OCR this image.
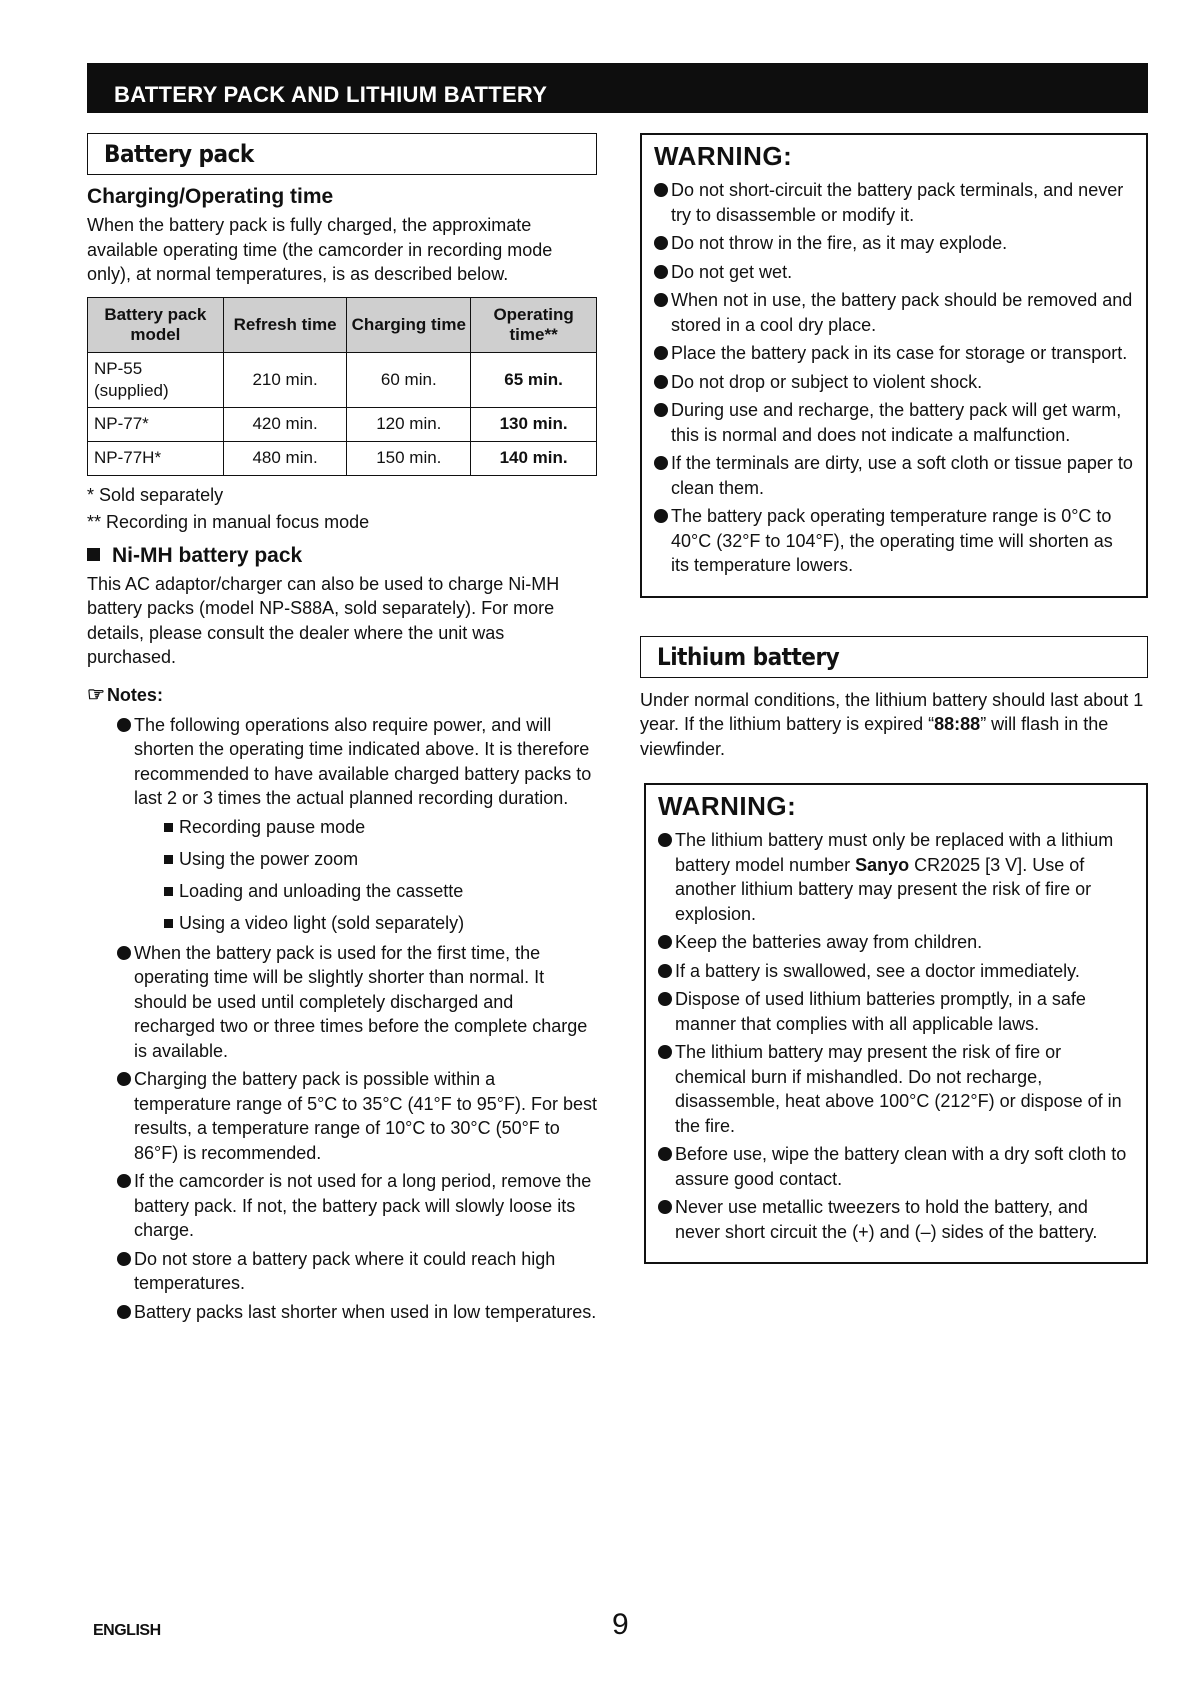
BATTERY PACK AND LITHIUM BATTERY
Battery pack
Charging/Operating time

When the battery pack is fully charged, the approximate available operating time (the camcorder in recording mode only), at normal temperatures, is as described below.

Battery pack model	Refresh time	Charging time	Operating time**
NP-55 (supplied)	210 min.	60 min.	65 min.
NP-77*	420 min.	120 min.	130 min.
NP-77H*	480 min.	150 min.	140 min.
* Sold separately
** Recording in manual focus mode
Ni-MH battery pack

This AC adaptor/charger can also be used to charge Ni-MH battery packs (model NP-S88A, sold separately). For more details, please consult the dealer where the unit was purchased.

☞ Notes:
The following operations also require power, and will shorten the operating time indicated above. It is therefore recommended to have available charged battery packs to last 2 or 3 times the actual planned recording duration.
Recording pause mode
Using the power zoom
Loading and unloading the cassette
Using a video light (sold separately)
When the battery pack is used for the first time, the operating time will be slightly shorter than normal. It should be used until completely discharged and recharged two or three times before the complete charge is available.
Charging the battery pack is possible within a temperature range of 5°C to 35°C (41°F to 95°F). For best results, a temperature range of 10°C to 30°C (50°F to 86°F) is recommended.
If the camcorder is not used for a long period, remove the battery pack. If not, the battery pack will slowly loose its charge.
Do not store a battery pack where it could reach high temperatures.
Battery packs last shorter when used in low temperatures.
WARNING:
Do not short-circuit the battery pack terminals, and never try to disassemble or modify it.
Do not throw in the fire, as it may explode.
Do not get wet.
When not in use, the battery pack should be removed and stored in a cool dry place.
Place the battery pack in its case for storage or transport.
Do not drop or subject to violent shock.
During use and recharge, the battery pack will get warm, this is normal and does not indicate a malfunction.
If the terminals are dirty, use a soft cloth or tissue paper to clean them.
The battery pack operating temperature range is 0°C to 40°C (32°F to 104°F), the operating time will shorten as its temperature lowers.
Lithium battery

Under normal conditions, the lithium battery should last about 1 year. If the lithium battery is expired “88:88” will flash in the viewfinder.

WARNING:
The lithium battery must only be replaced with a lithium battery model number Sanyo CR2025 [3 V]. Use of another lithium battery may present the risk of fire or explosion.
Keep the batteries away from children.
If a battery is swallowed, see a doctor immediately.
Dispose of used lithium batteries promptly, in a safe manner that complies with all applicable laws.
The lithium battery may present the risk of fire or chemical burn if mishandled. Do not recharge, disassemble, heat above 100°C (212°F) or dispose of in the fire.
Before use, wipe the battery clean with a dry soft cloth to assure good contact.
Never use metallic tweezers to hold the battery, and never short circuit the (+) and (–) sides of the battery.
ENGLISH	9
